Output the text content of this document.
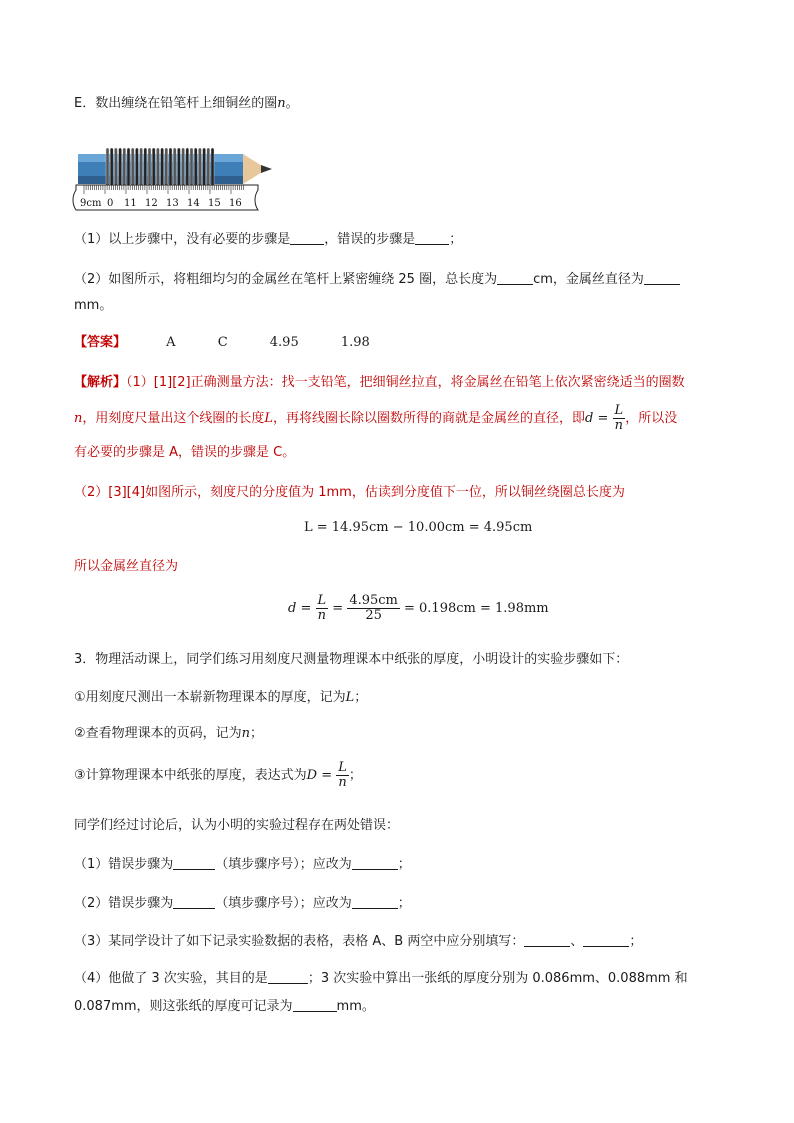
E．数出缠绕在铅笔杆上细铜丝的圈n。
9cm 0 11 12 13 14 15 16
（1）以上步骤中，没有必要的步骤是	，错误的步骤是	；
（2）如图所示，将粗细均匀的金属丝在笔杆上紧密缠绕 25 圈，总长度为	cm，金属丝直径为
mm。
【答案】	A	C	4.95	1.98
【解析】（1）[1][2]正确测量方法：找一支铅笔，把细铜丝拉直，将金属丝在铅笔上依次紧密绕适当的圈数
n，用刻度尺量出这个线圈的长度L，再将线圈长除以圈数所得的商就是金属丝的直径，即$d = \frac{L}{n}$ ，所以没
有必要的步骤是 A，错误的步骤是 C。
（2）[3][4]如图所示，刻度尺的分度值为 1mm，估读到分度值下一位，所以铜丝绕圈总长度为
L = 14.95cm − 10.00cm = 4.95cm
所以金属丝直径为
$d = \frac{L}{n} = \frac{4.95cm}{25} = 0.198cm = 1.98mm$
3．物理活动课上，同学们练习用刻度尺测量物理课本中纸张的厚度，小明设计的实验步骤如下：
①用刻度尺测出一本崭新物理课本的厚度，记为L；
②查看物理课本的页码，记为n；
③计算物理课本中纸张的厚度，表达式为$D = \frac{L}{n}$ ；
同学们经过讨论后，认为小明的实验过程存在两处错误：
（1）错误步骤为	（填步骤序号）；应改为	；
（2）错误步骤为	（填步骤序号）；应改为	；
（3）某同学设计了如下记录实验数据的表格，表格 A、B 两空中应分别填写：	、	；
（4）他做了 3 次实验，其目的是	；3 次实验中算出一张纸的厚度分别为 0.086mm、0.088mm 和
0.087mm，则这张纸的厚度可记录为	mm。
